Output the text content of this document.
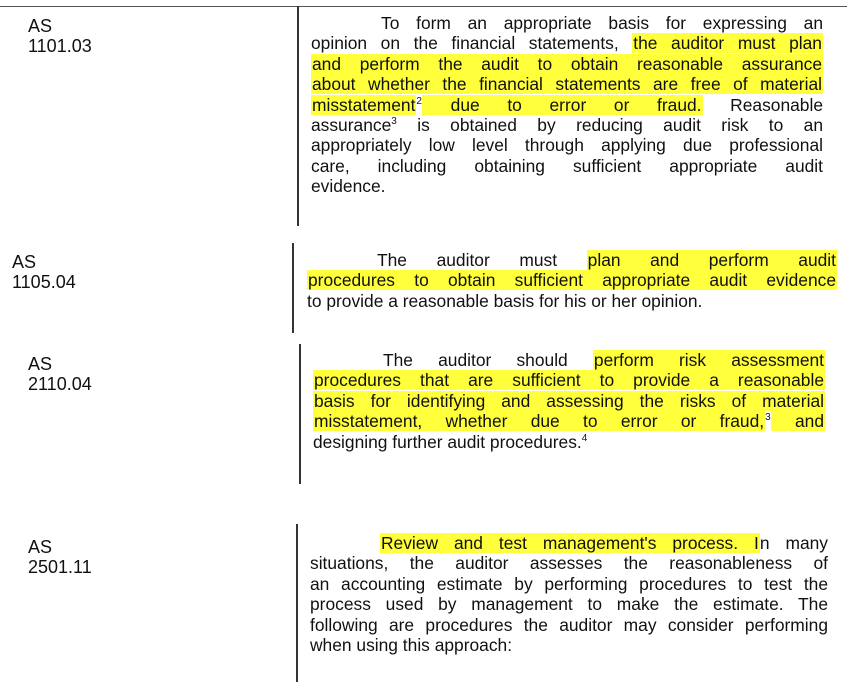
AS 1101.03
To form an appropriate basis for expressing an
opinion on the financial statements, the auditor must plan
and perform the audit to obtain reasonable assurance
about whether the financial statements are free of material
misstatement$^2$ due to error or fraud. Reasonable
assurance$^3$ is obtained by reducing audit risk to an
appropriately low level through applying due professional
care, including obtaining sufficient appropriate audit
evidence.
AS 1105.04
The auditor must plan and perform audit
procedures to obtain sufficient appropriate audit evidence
to provide a reasonable basis for his or her opinion.
AS 2110.04
The auditor should perform risk assessment
procedures that are sufficient to provide a reasonable
basis for identifying and assessing the risks of material
misstatement, whether due to error or fraud,$^3$ and
designing further audit procedures.$^4$
AS 2501.11
Review and test management's process. In many
situations, the auditor assesses the reasonableness of
an accounting estimate by performing procedures to test the
process used by management to make the estimate. The
following are procedures the auditor may consider performing
when using this approach:
